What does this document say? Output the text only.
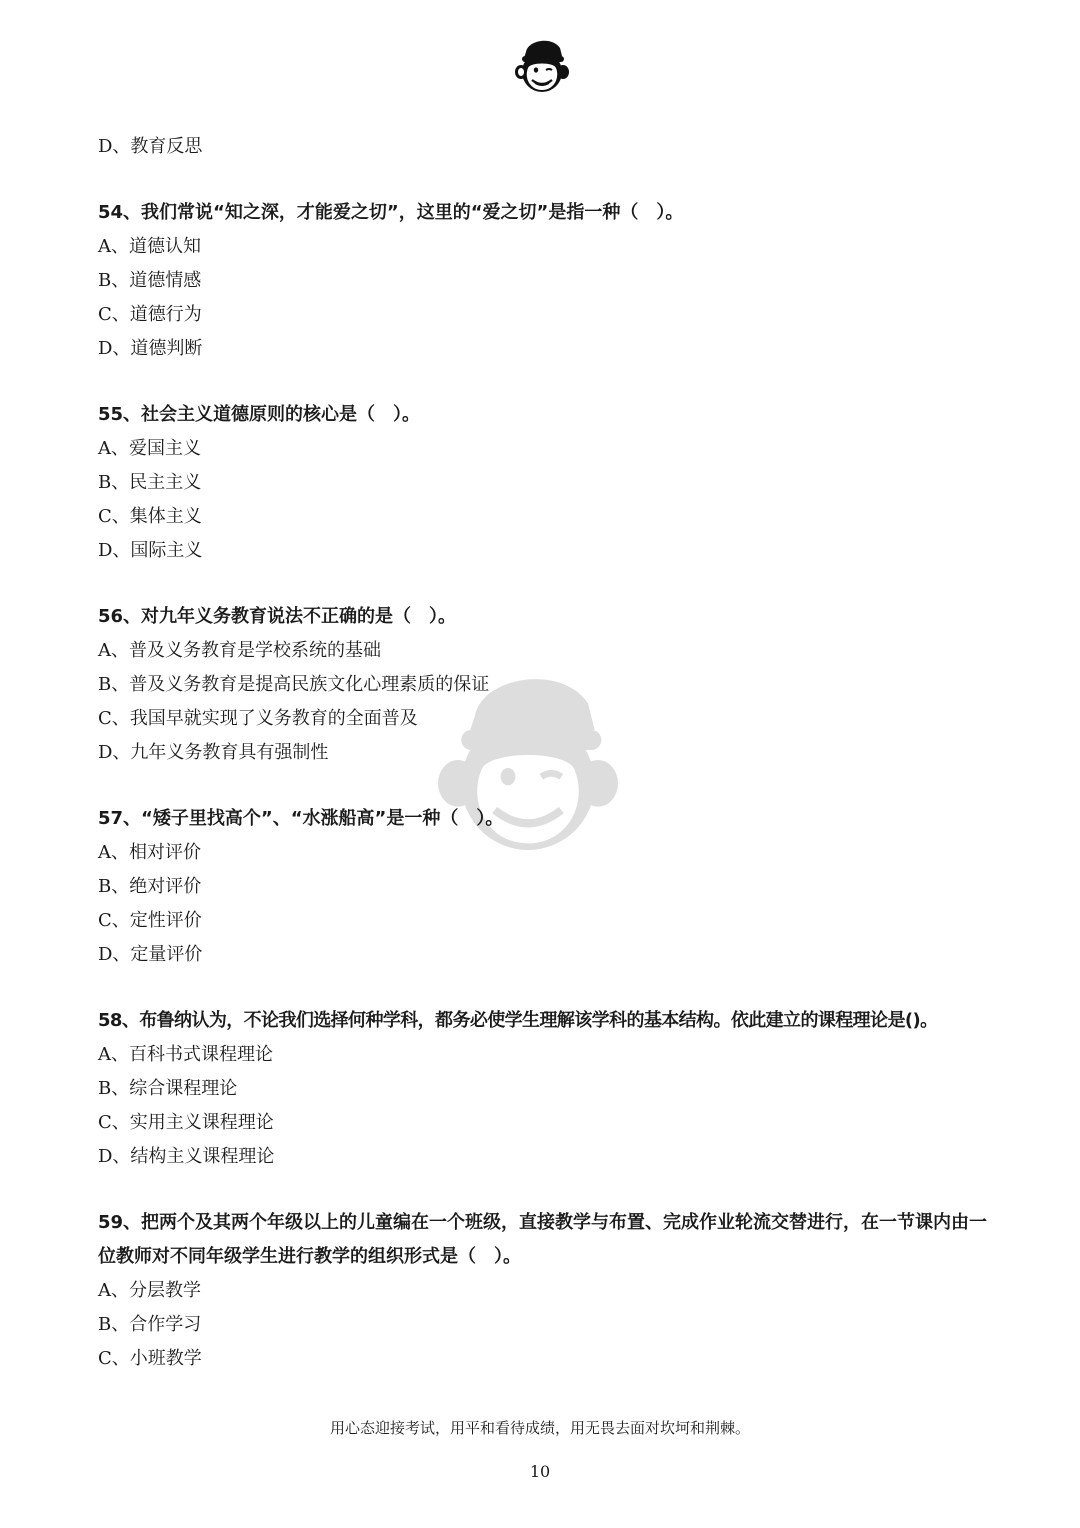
D、教育反思
54、我们常说“知之深，才能爱之切”，这里的“爱之切”是指一种（　）。
A、道德认知
B、道德情感
C、道德行为
D、道德判断
55、社会主义道德原则的核心是（　）。
A、爱国主义
B、民主主义
C、集体主义
D、国际主义
56、对九年义务教育说法不正确的是（　）。
A、普及义务教育是学校系统的基础
B、普及义务教育是提高民族文化心理素质的保证
C、我国早就实现了义务教育的全面普及
D、九年义务教育具有强制性
57、“矮子里找高个”、“水涨船高”是一种（　）。
A、相对评价
B、绝对评价
C、定性评价
D、定量评价
58、布鲁纳认为，不论我们选择何种学科，都务必使学生理解该学科的基本结构。依此建立的课程理论是()。
A、百科书式课程理论
B、综合课程理论
C、实用主义课程理论
D、结构主义课程理论
59、把两个及其两个年级以上的儿童编在一个班级，直接教学与布置、完成作业轮流交替进行，在一节课内由一位教师对不同年级学生进行教学的组织形式是（　）。
A、分层教学
B、合作学习
C、小班教学
用心态迎接考试，用平和看待成绩，用无畏去面对坎坷和荆棘。
10
